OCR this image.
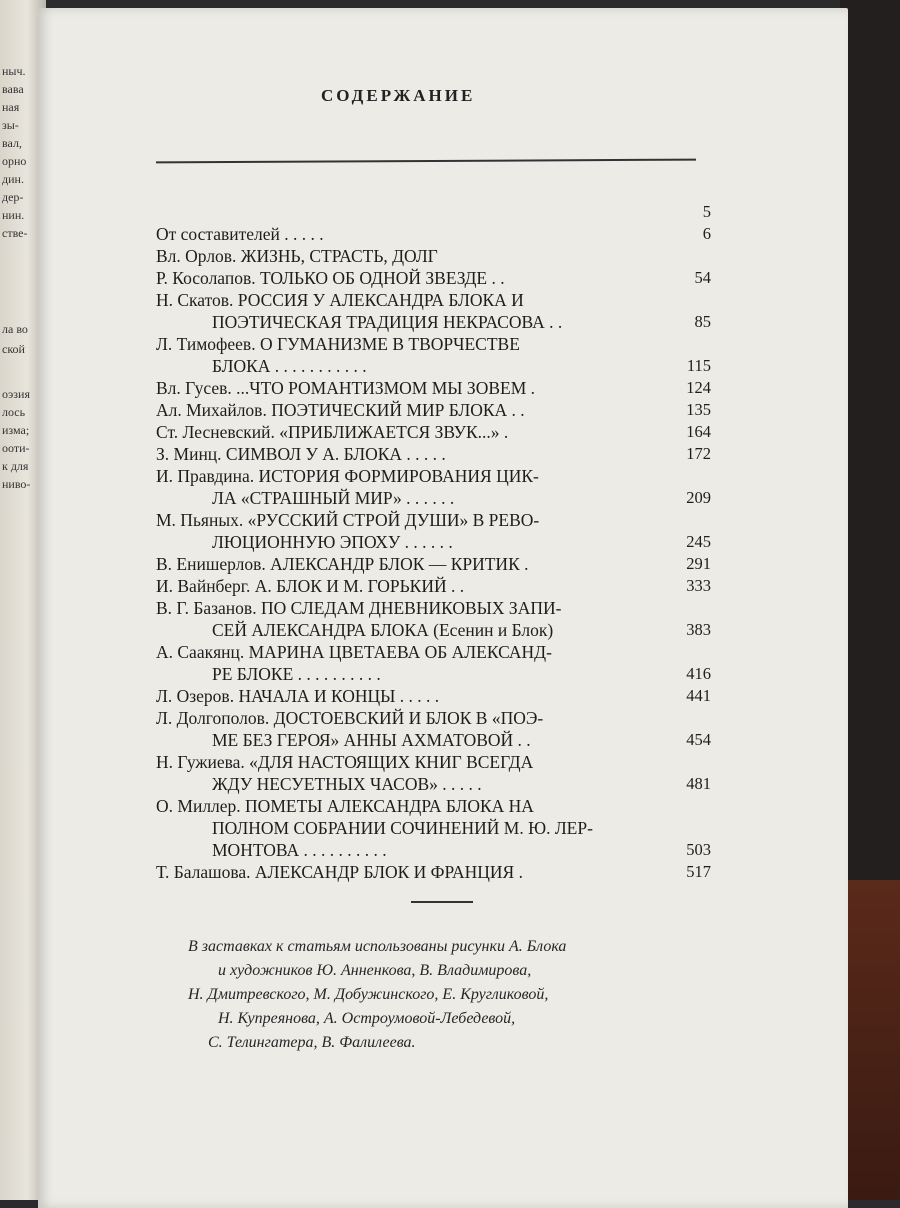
ныч.
вава
ная
зы-
вал,
орно
дин.
дер-
нин.
стве-
ла во
ской
оэзия
лось
изма;
ооти-
к для
ниво-
СОДЕРЖАНИЕ
5
От составителей . . . . .	6
Вл. Орлов. ЖИЗНЬ, СТРАСТЬ, ДОЛГ
Р. Косолапов. ТОЛЬКО ОБ ОДНОЙ ЗВЕЗДЕ . .	54
Н. Скатов. РОССИЯ У АЛЕКСАНДРА БЛОКА И
ПОЭТИЧЕСКАЯ ТРАДИЦИЯ НЕКРАСОВА . .	85
Л. Тимофеев. О ГУМАНИЗМЕ В ТВОРЧЕСТВЕ
БЛОКА . . . . . . . . . . .	115
Вл. Гусев. ...ЧТО РОМАНТИЗМОМ МЫ ЗОВЕМ .	124
Ал. Михайлов. ПОЭТИЧЕСКИЙ МИР БЛОКА . .	135
Ст. Лесневский. «ПРИБЛИЖАЕТСЯ ЗВУК...» .	164
З. Минц. СИМВОЛ У А. БЛОКА . . . . .	172
И. Правдина. ИСТОРИЯ ФОРМИРОВАНИЯ ЦИК-
ЛА «СТРАШНЫЙ МИР» . . . . . .	209
М. Пьяных. «РУССКИЙ СТРОЙ ДУШИ» В РЕВО-
ЛЮЦИОННУЮ ЭПОХУ . . . . . .	245
В. Енишерлов. АЛЕКСАНДР БЛОК — КРИТИК .	291
И. Вайнберг. А. БЛОК И М. ГОРЬКИЙ . .	333
В. Г. Базанов. ПО СЛЕДАМ ДНЕВНИКОВЫХ ЗАПИ-
СЕЙ АЛЕКСАНДРА БЛОКА (Есенин и Блок)	383
А. Саакянц. МАРИНА ЦВЕТАЕВА ОБ АЛЕКСАНД-
РЕ БЛОКЕ . . . . . . . . . .	416
Л. Озеров. НАЧАЛА И КОНЦЫ . . . . .	441
Л. Долгополов. ДОСТОЕВСКИЙ И БЛОК В «ПОЭ-
МЕ БЕЗ ГЕРОЯ» АННЫ АХМАТОВОЙ . .	454
Н. Гужиева. «ДЛЯ НАСТОЯЩИХ КНИГ ВСЕГДА
ЖДУ НЕСУЕТНЫХ ЧАСОВ» . . . . .	481
О. Миллер. ПОМЕТЫ АЛЕКСАНДРА БЛОКА НА
ПОЛНОМ СОБРАНИИ СОЧИНЕНИЙ М. Ю. ЛЕР-
МОНТОВА . . . . . . . . . .	503
Т. Балашова. АЛЕКСАНДР БЛОК И ФРАНЦИЯ .	517
В заставках к статьям использованы рисунки А. Блока
и художников Ю. Анненкова, В. Владимирова,
Н. Дмитревского, М. Добужинского, Е. Кругликовой,
Н. Купреянова, А. Остроумовой-Лебедевой,
С. Телингатера, В. Фалилеева.
